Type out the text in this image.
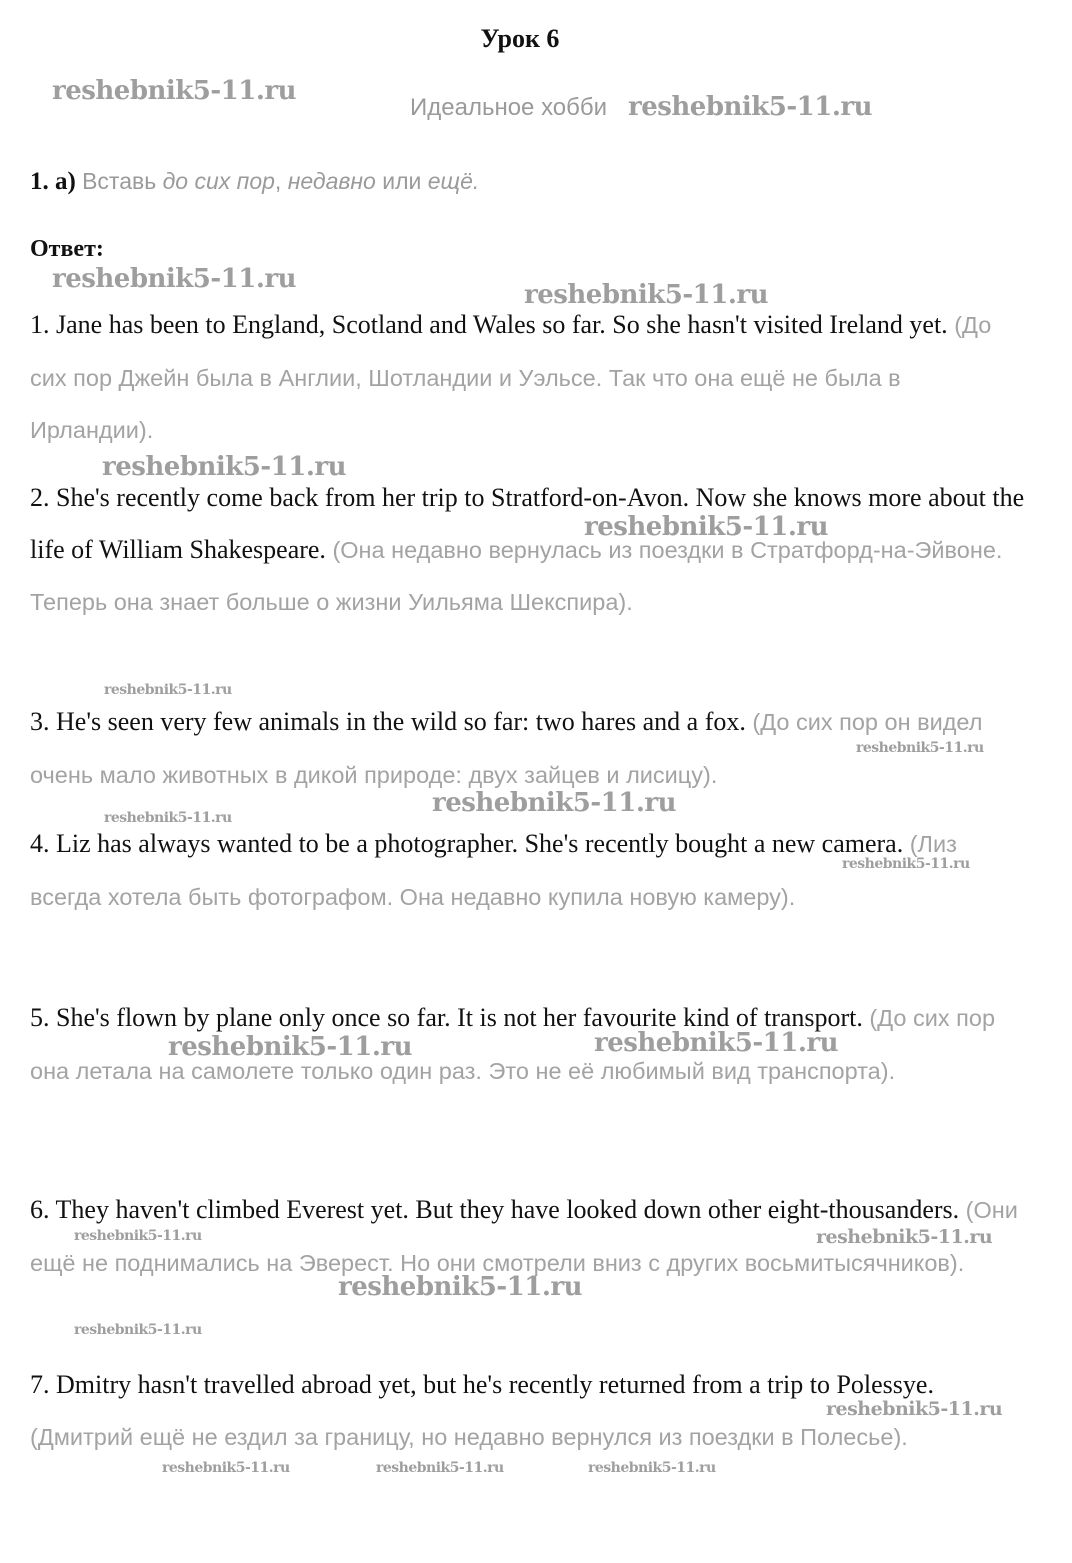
Урок 6
Идеальное хобби
1. а) Вставь до сих пор, недавно или ещё.
Ответ:
1. Jane has been to England, Scotland and Wales so far. So she hasn't visited Ireland yet. (До сих пор Джейн была в Англии, Шотландии и Уэльсе. Так что она ещё не была в Ирландии).
2. She's recently come back from her trip to Stratford-on-Avon. Now she knows more about the life of William Shakespeare. (Она недавно вернулась из поездки в Стратфорд-на-Эйвоне. Теперь она знает больше о жизни Уильяма Шекспира).
3. He's seen very few animals in the wild so far: two hares and a fox. (До сих пор он видел очень мало животных в дикой природе: двух зайцев и лисицу).
4. Liz has always wanted to be a photographer. She's recently bought a new camera. (Лиз всегда хотела быть фотографом. Она недавно купила новую камеру).
5. She's flown by plane only once so far. It is not her favourite kind of transport. (До сих пор она летала на самолете только один раз. Это не её любимый вид транспорта).
6. They haven't climbed Everest yet. But they have looked down other eight-thousanders. (Они ещё не поднимались на Эверест. Но они смотрели вниз с других восьмитысячников).
7. Dmitry hasn't travelled abroad yet, but he's recently returned from a trip to Polessye. (Дмитрий ещё не ездил за границу, но недавно вернулся из поездки в Полесье).
reshebnik5-11.ru
reshebnik5-11.ru
reshebnik5-11.ru
reshebnik5-11.ru
reshebnik5-11.ru
reshebnik5-11.ru
reshebnik5-11.ru
reshebnik5-11.ru
reshebnik5-11.ru
reshebnik5-11.ru
reshebnik5-11.ru
reshebnik5-11.ru	reshebnik5-11.ru
reshebnik5-11.ru	reshebnik5-11.ru
reshebnik5-11.ru
reshebnik5-11.ru
reshebnik5-11.ru
reshebnik5-11.ru	reshebnik5-11.ru	reshebnik5-11.ru
